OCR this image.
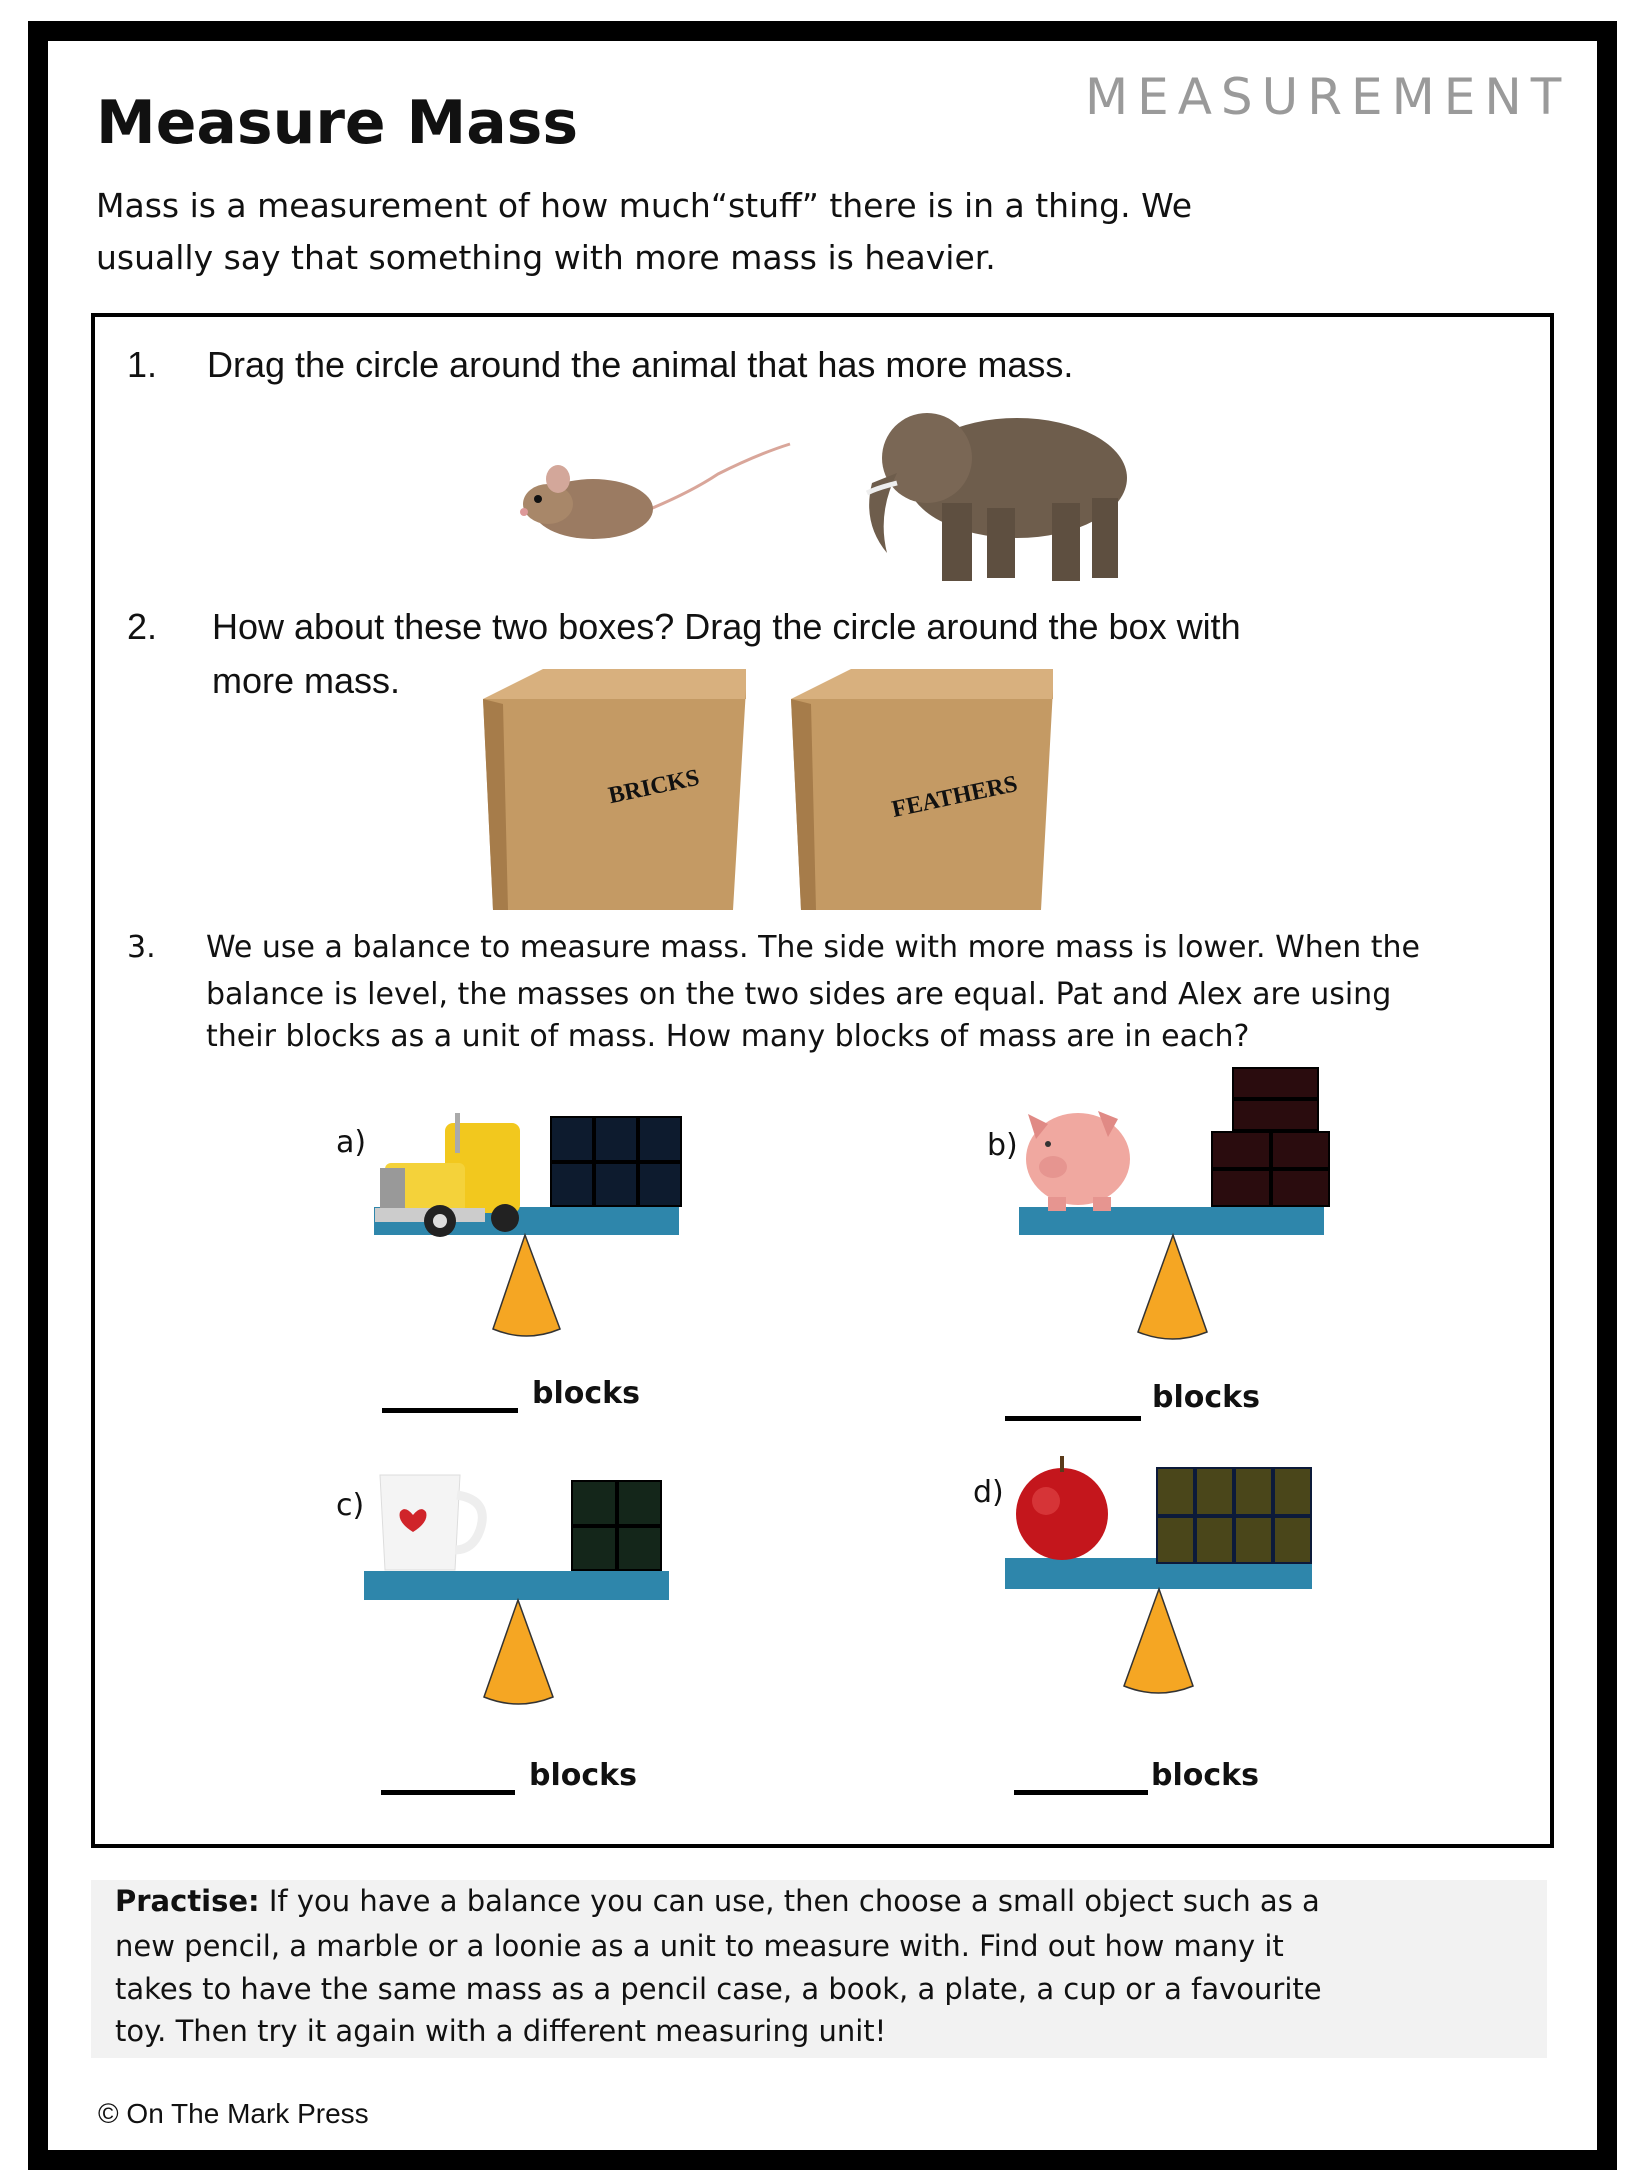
Measure Mass	MEASUREMENT
Mass is a measurement of how much“stuff” there is in a thing. We
usually say that something with more mass is heavier.
1. Drag the circle around the animal that has more mass.
2. How about these two boxes? Drag the circle around the box with
more mass.
BRICKS	FEATHERS
3. We use a balance to measure mass. The side with more mass is lower. When the
balance is level, the masses on the two sides are equal. Pat and Alex are using
their blocks as a unit of mass. How many blocks of mass are in each?
a)
blocks
b)
blocks
c)
blocks
d)
blocks
Practise: If you have a balance you can use, then choose a small object such as a
new pencil, a marble or a loonie as a unit to measure with. Find out how many it
takes to have the same mass as a pencil case, a book, a plate, a cup or a favourite
toy. Then try it again with a different measuring unit!
© On The Mark Press
